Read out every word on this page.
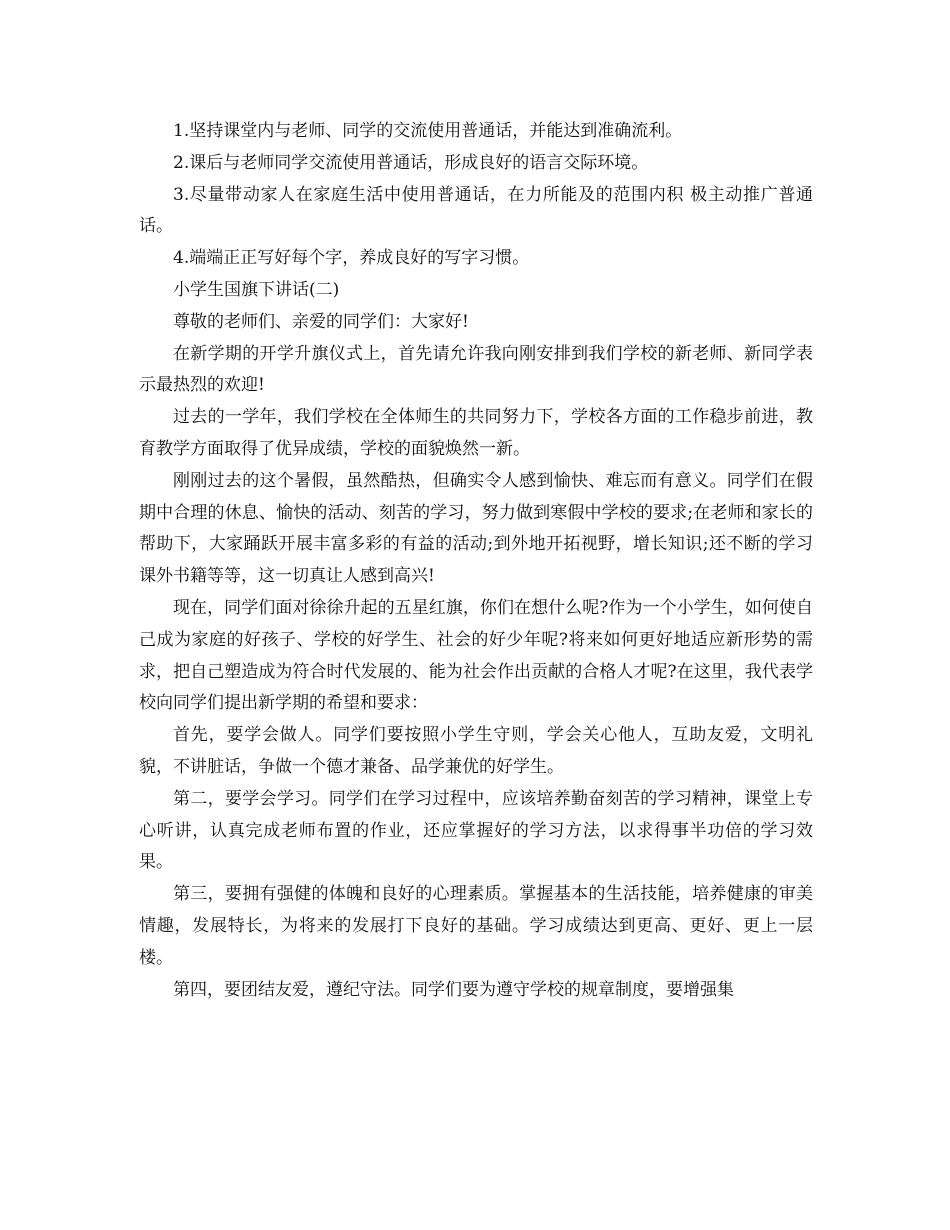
1.坚持课堂内与老师、同学的交流使用普通话，并能达到准确流利。

2.课后与老师同学交流使用普通话，形成良好的语言交际环境。

3.尽量带动家人在家庭生活中使用普通话，在力所能及的范围内积 极主动推广普通话。

4.端端正正写好每个字，养成良好的写字习惯。

小学生国旗下讲话(二)

尊敬的老师们、亲爱的同学们：大家好!

在新学期的开学升旗仪式上，首先请允许我向刚安排到我们学校的新老师、新同学表示最热烈的欢迎!

过去的一学年，我们学校在全体师生的共同努力下，学校各方面的工作稳步前进，教育教学方面取得了优异成绩，学校的面貌焕然一新。

刚刚过去的这个暑假，虽然酷热，但确实令人感到愉快、难忘而有意义。同学们在假期中合理的休息、愉快的活动、刻苦的学习，努力做到寒假中学校的要求;在老师和家长的帮助下，大家踊跃开展丰富多彩的有益的活动;到外地开拓视野，增长知识;还不断的学习课外书籍等等，这一切真让人感到高兴!

现在，同学们面对徐徐升起的五星红旗，你们在想什么呢?作为一个小学生，如何使自己成为家庭的好孩子、学校的好学生、社会的好少年呢?将来如何更好地适应新形势的需求，把自己塑造成为符合时代发展的、能为社会作出贡献的合格人才呢?在这里，我代表学校向同学们提出新学期的希望和要求：

首先，要学会做人。同学们要按照小学生守则，学会关心他人，互助友爱，文明礼貌，不讲脏话，争做一个德才兼备、品学兼优的好学生。

第二，要学会学习。同学们在学习过程中，应该培养勤奋刻苦的学习精神，课堂上专心听讲，认真完成老师布置的作业，还应掌握好的学习方法，以求得事半功倍的学习效果。

第三，要拥有强健的体魄和良好的心理素质。掌握基本的生活技能，培养健康的审美情趣，发展特长，为将来的发展打下良好的基础。学习成绩达到更高、更好、更上一层楼。

第四，要团结友爱，遵纪守法。同学们要为遵守学校的规章制度，要增强集
